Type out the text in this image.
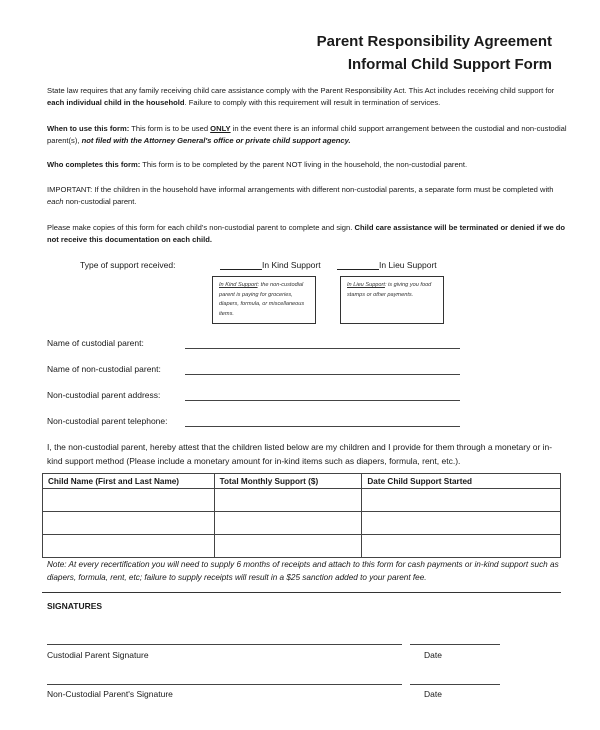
Parent Responsibility Agreement
Informal Child Support Form
State law requires that any family receiving child care assistance comply with the Parent Responsibility Act. This Act includes receiving child support for each individual child in the household. Failure to comply with this requirement will result in termination of services.
When to use this form: This form is to be used ONLY in the event there is an informal child support arrangement between the custodial and non-custodial parent(s), not filed with the Attorney General's office or private child support agency.
Who completes this form: This form is to be completed by the parent NOT living in the household, the non-custodial parent.
IMPORTANT: If the children in the household have informal arrangements with different non-custodial parents, a separate form must be completed with each non-custodial parent.
Please make copies of this form for each child's non-custodial parent to complete and sign. Child care assistance will be terminated or denied if we do not receive this documentation on each child.
Type of support received:	In Kind Support	In Lieu Support
In Kind Support: the non-custodial parent is paying for groceries, diapers, formula, or miscellaneous items.
In Lieu Support: is giving you food stamps or other payments.
Name of custodial parent:
Name of non-custodial parent:
Non-custodial parent address:
Non-custodial parent telephone:
I, the non-custodial parent, hereby attest that the children listed below are my children and I provide for them through a monetary or in-kind support method (Please include a monetary amount for in-kind items such as diapers, formula, rent, etc.).
Child Name (First and Last Name)	Total Monthly Support ($)	Date Child Support Started

Note: At every recertification you will need to supply 6 months of receipts and attach to this form for cash payments or in-kind support such as diapers, formula, rent, etc; failure to supply receipts will result in a $25 sanction added to your parent fee.
SIGNATURES
Custodial Parent Signature	Date
Non-Custodial Parent's Signature	Date
